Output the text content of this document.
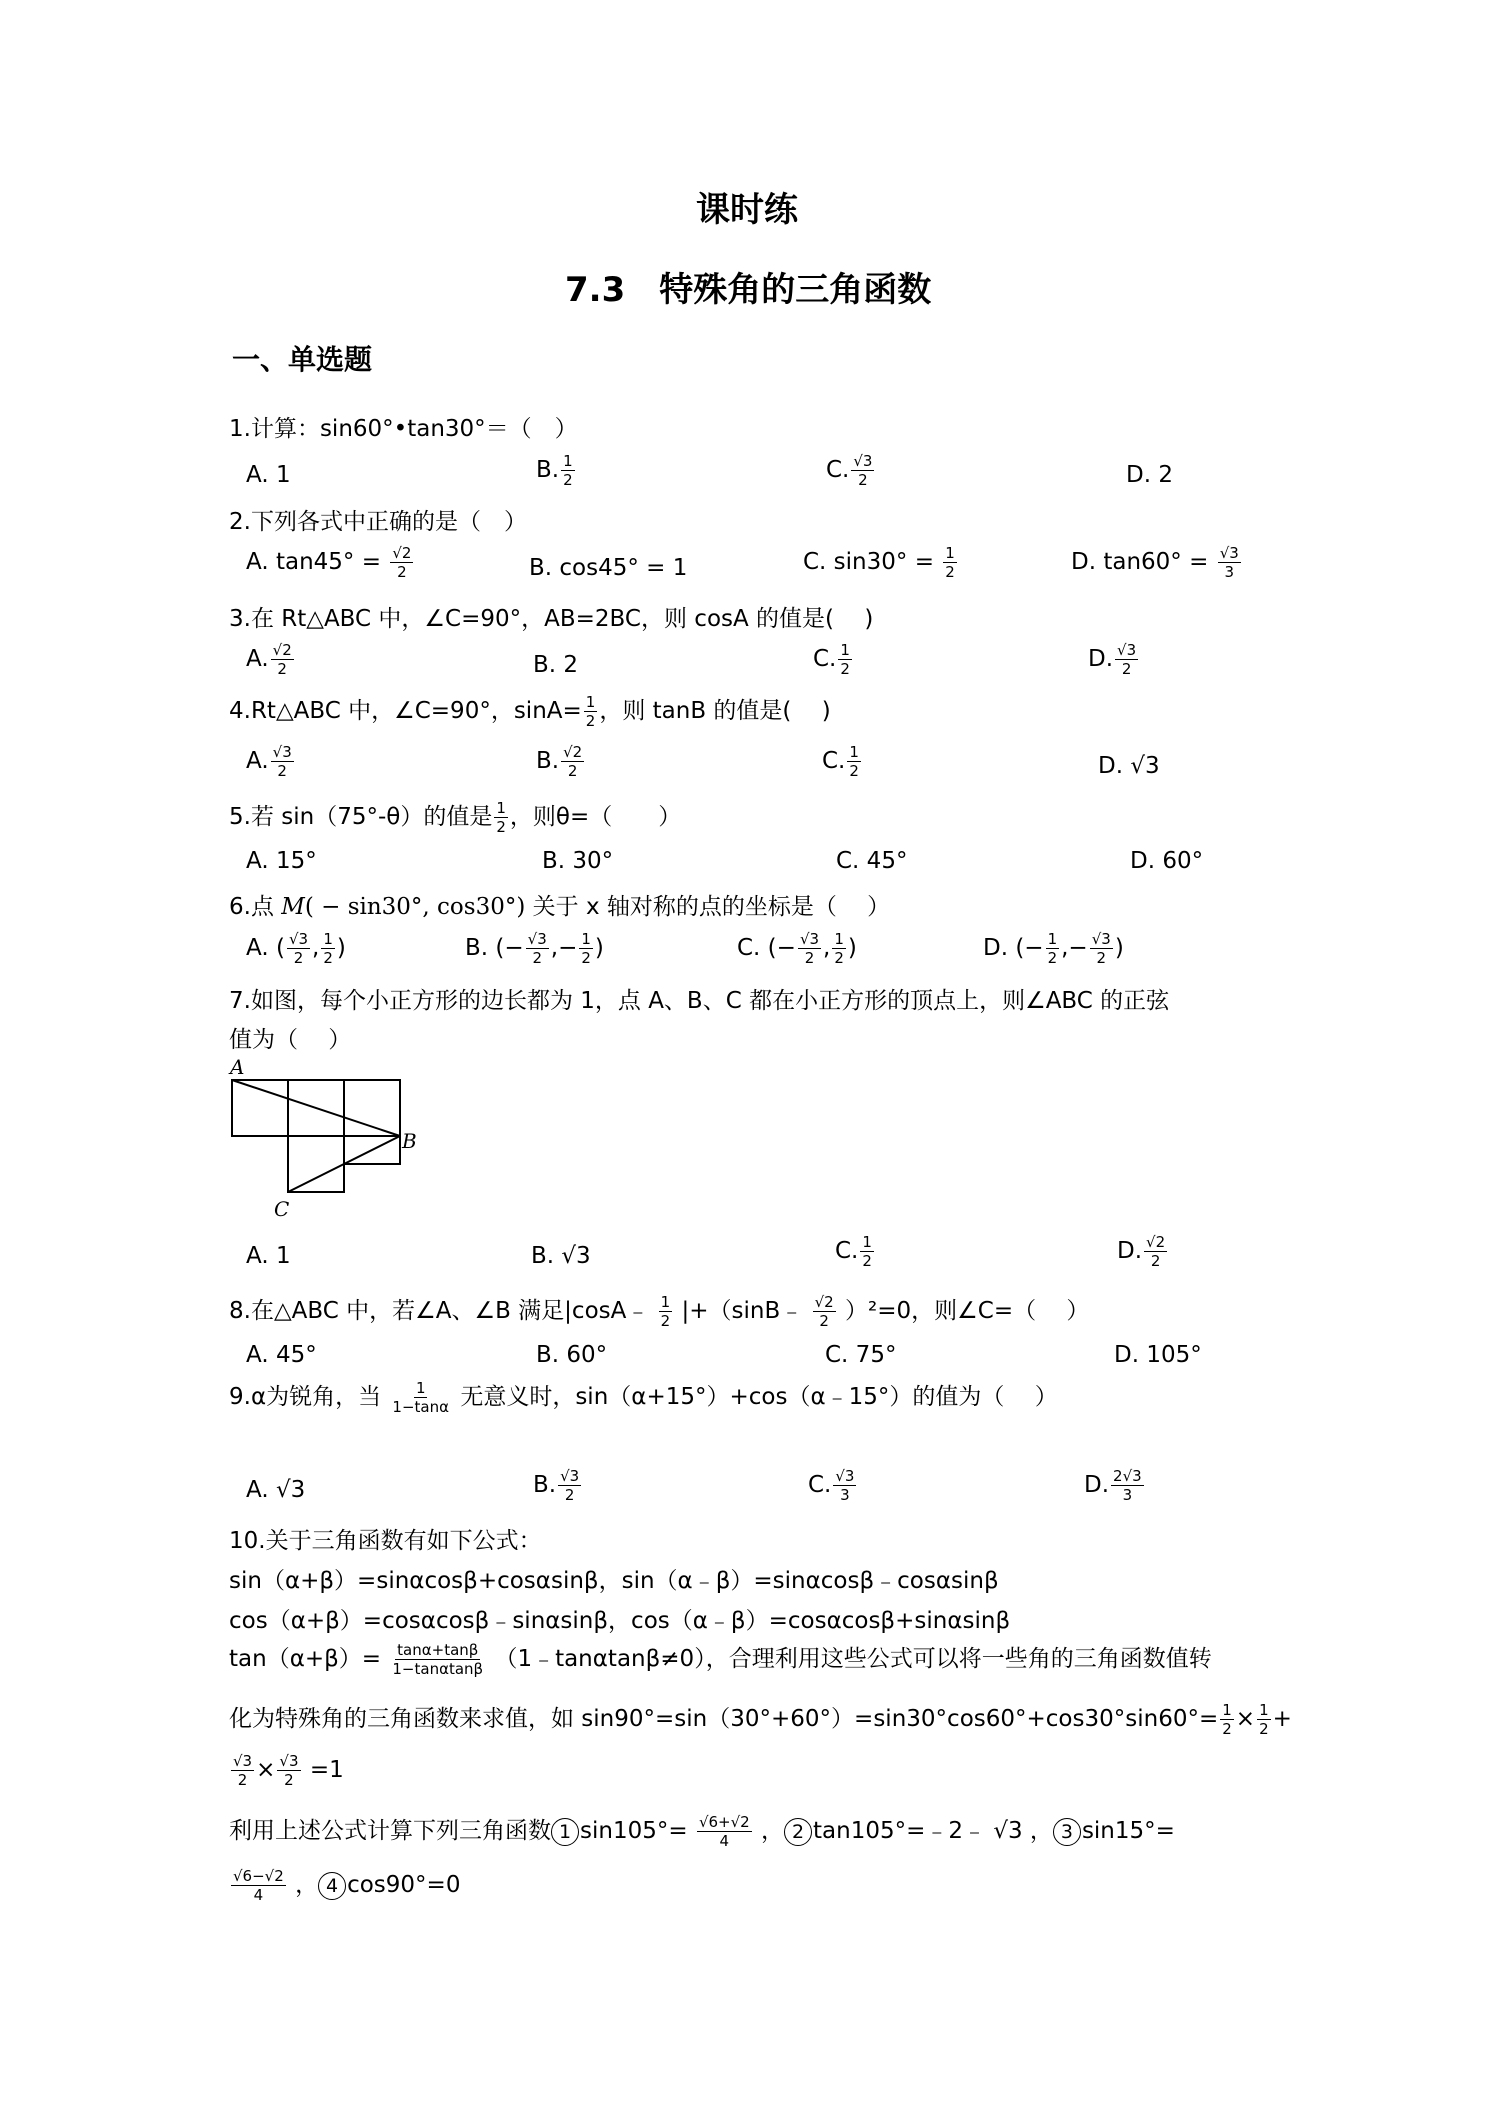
课时练
7.3　特殊角的三角函数
一、单选题
1.计算：sin60°•tan30°＝（　）
A. 1	B. $\frac{1}{2}$	C. $\frac{√3}{2}$	D. 2
2.下列各式中正确的是（　）
A. $\tan 45^\circ = \frac{√2}{2}$	B. cos45° = 1	C. $\sin 30^\circ = \frac{1}{2}$	D. $\tan 60^\circ = \frac{√3}{3}$
3.在 Rt△ABC 中，∠C=90°，AB=2BC，则 cosA 的值是(　 )
A. $\frac{√2}{2}$	B. 2	C. $\frac{1}{2}$	D. $\frac{√3}{2}$
4.Rt△ABC 中，∠C=90°，$\sin A= \frac{1}{2}$ ，则 tanB 的值是(　 )
A. $\frac{√3}{2}$	B. $\frac{√2}{2}$	C. $\frac{1}{2}$	D. √3
5.若 sin（75°-θ）的值是 $\frac{1}{2}$ ，则θ=（　　）
A. 15°	B. 30°	C. 45°	D. 60°
6.点 M( − sin30°, cos30°) 关于 x 轴对称的点的坐标是（　 ）
A. ( $\frac{√3}{2}$ , $\frac{1}{2}$ )	B. (− $\frac{√3}{2}$ ,− $\frac{1}{2}$ )	C. (− $\frac{√3}{2}$ , $\frac{1}{2}$ )	D. (− $\frac{1}{2}$ ,− $\frac{√3}{2}$ )
7.如图，每个小正方形的边长都为 1，点 A、B、C 都在小正方形的顶点上，则∠ABC 的正弦
值为（　 ）
A
B
C
A. 1	B. √3	C. $\frac{1}{2}$	D. $\frac{√2}{2}$
8.在△ABC 中，若∠A、∠B 满足|cosA﹣ $\frac{1}{2}$ |+（sinB﹣ $\frac{√2}{2} )^2=0$，则∠C=（　 ）
A. 45°	B. 60°	C. 75°	D. 105°
9.α为锐角，当 $\frac{1}{1-\tan\alpha}$ 无意义时，sin（α+15°）+cos（α﹣15°）的值为（　 ）
A. √3	B. $\frac{√3}{2}$	C. $\frac{√3}{3}$	D. $\frac{2√3}{3}$
10.关于三角函数有如下公式：
sin（α+β）=sinαcosβ+cosαsinβ，sin（α﹣β）=sinαcosβ﹣cosαsinβ
cos（α+β）=cosαcosβ﹣sinαsinβ，cos（α﹣β）=cosαcosβ+sinαsinβ
$\tan(\alpha+\beta)= \frac{\tan\alpha+\tan\beta}{1-\tan\alpha\tan\beta}$ （1﹣tanαtanβ≠0），合理利用这些公式可以将一些角的三角函数值转
化为特殊角的三角函数来求值，如 $\sin 90^\circ=\sin(30^\circ+60^\circ)=\sin 30^\circ\cos 60^\circ+\cos 30^\circ\sin 60^\circ= \frac{1}{2} \times \frac{1}{2}$ +
$\frac{√3}{2} \times \frac{√3}{2} =1$
利用上述公式计算下列三角函数 1 $\sin 105^\circ= \frac{√6+√2}{4}$ ， 2 tan105°=﹣2﹣ √3 ， 3 sin15°=
$\frac{√6-√2}{4}$ ， 4 cos90°=0
